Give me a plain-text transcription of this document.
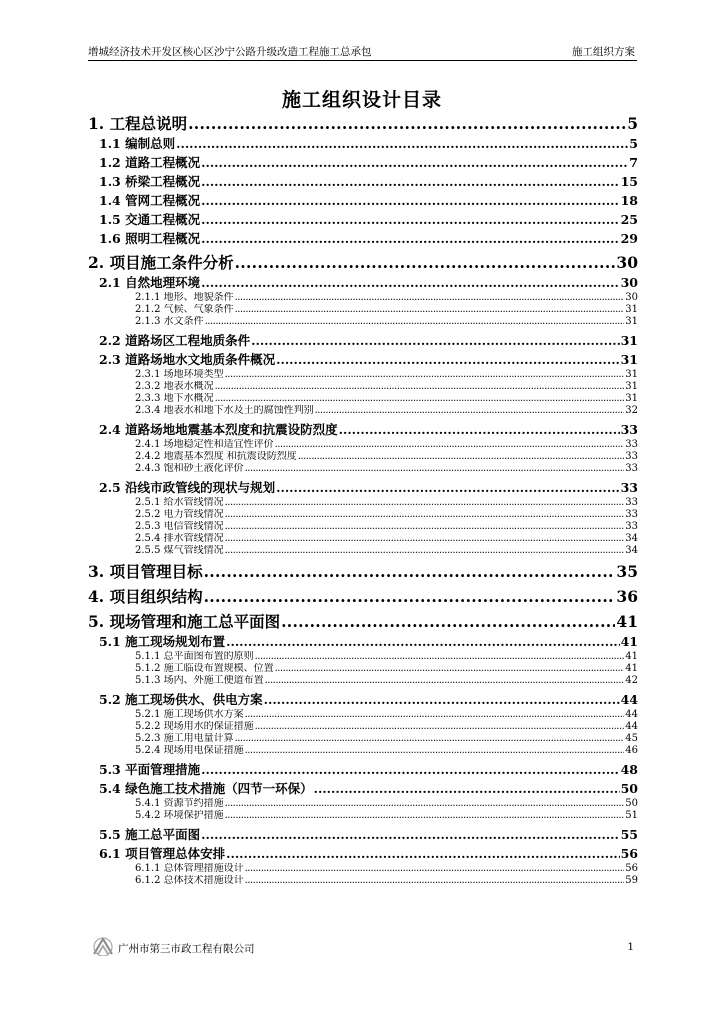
增城经济技术开发区核心区沙宁公路升级改造工程施工总承包	施工组织方案
施工组织设计目录
1. 工程总说明 .....	5
1.1 编制总则 .....	5
1.2 道路工程概况 .....	7
1.3 桥梁工程概况 .....	15
1.4 管网工程概况 .....	18
1.5 交通工程概况 .....	25
1.6 照明工程概况 .....	29
2. 项目施工条件分析 .....	30
2.1 自然地理环境 .....	30
2.1.1 地形、地貌条件 .....	30
2.1.2 气候、气象条件 .....	31
2.1.3 水文条件 .....	31
2.2 道路场区工程地质条件 .....	31
2.3 道路场地水文地质条件概况 .....	31
2.3.1 场地环境类型 .....	31
2.3.2 地表水概况 .....	31
2.3.3 地下水概况 .....	31
2.3.4 地表水和地下水及土的腐蚀性判别 .....	32
2.4 道路场地地震基本烈度和抗震设防烈度 .....	33
2.4.1 场地稳定性和适宜性评价 .....	33
2.4.2 地震基本烈度 和抗震设防烈度 .....	33
2.4.3 饱和砂土液化评价 .....	33
2.5 沿线市政管线的现状与规划 .....	33
2.5.1 给水管线情况 .....	33
2.5.2 电力管线情况 .....	33
2.5.3 电信管线情况 .....	33
2.5.4 排水管线情况 .....	34
2.5.5 煤气管线情况 .....	34
3. 项目管理目标 .....	35
4. 项目组织结构 .....	36
5. 现场管理和施工总平面图 .....	41
5.1 施工现场规划布置 .....	41
5.1.1 总平面图布置的原则 .....	41
5.1.2 施工临设布置规模、位置 .....	41
5.1.3 场内、外施工便道布置 .....	42
5.2 施工现场供水、供电方案 .....	44
5.2.1 施工现场供水方案 .....	44
5.2.2 现场用水的保证措施 .....	44
5.2.3 施工用电量计算 .....	45
5.2.4 现场用电保证措施 .....	46
5.3 平面管理措施 .....	48
5.4 绿色施工技术措施（四节一环保） .....	50
5.4.1 资源节约措施 .....	50
5.4.2 环境保护措施 .....	51
5.5 施工总平面图 .....	55
6.1 项目管理总体安排 .....	56
6.1.1 总体管理措施设计 .....	56
6.1.2 总体技术措施设计 .....	59
广州市第三市政工程有限公司	1
